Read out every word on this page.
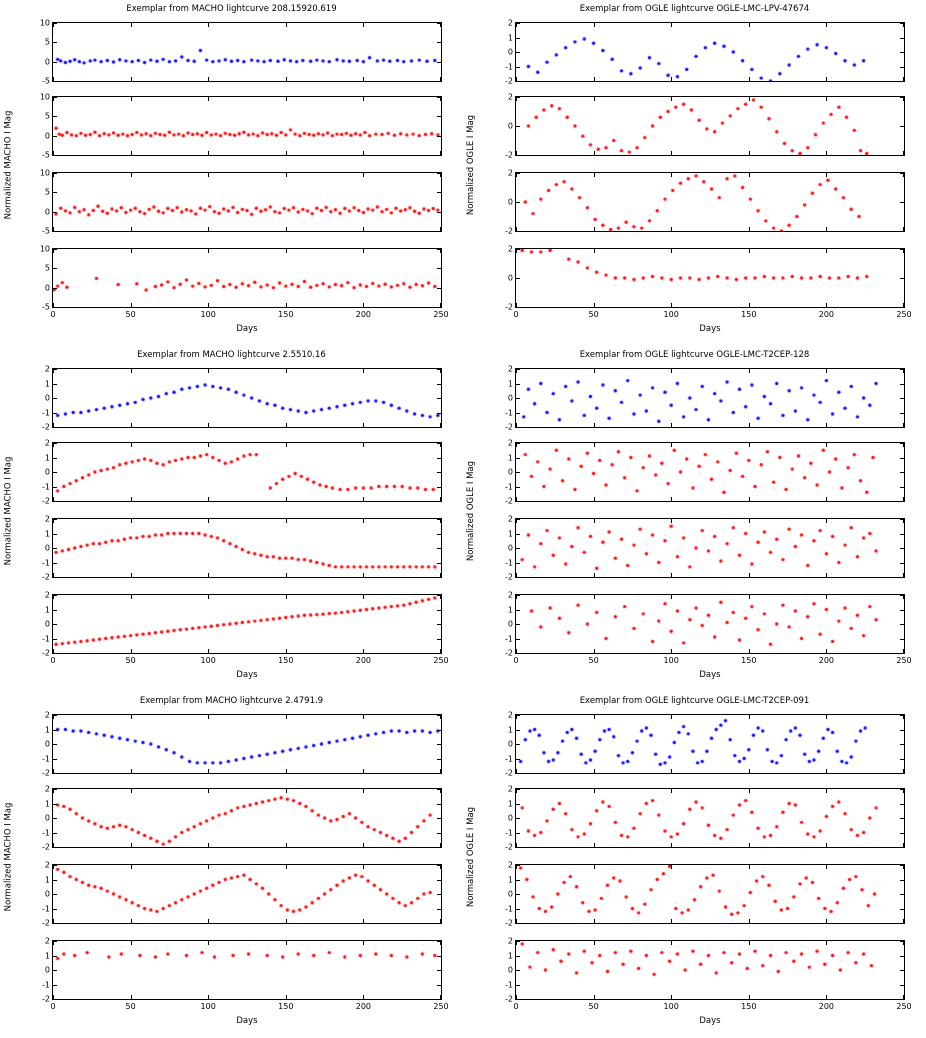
Exemplar from MACHO lightcurve 208.15920.619
Normalized MACHO I Mag
-5
0
5
10
-5
0
5
10
-5
0
5
10
-5
0
5
10
0	50	100	150	200	250
Days
Exemplar from OGLE lightcurve OGLE-LMC-LPV-47674
Normalized OGLE I Mag
-2
-1
0
1
2
-2
0
2
-2
0
2
-2
0
2
0	50	100	150	200	250
Days
Exemplar from MACHO lightcurve 2.5510.16
Normalized MACHO I Mag
-2
-1
0
1
2
-2
-1
0
1
2
-2
-1
0
1
2
-2
-1
0
1
2
0	50	100	150	200	250
Days
Exemplar from OGLE lightcurve OGLE-LMC-T2CEP-128
Normalized OGLE I Mag
-2
-1
0
1
2
-2
-1
0
1
2
-2
-1
0
1
2
-2
-1
0
1
2
0	50	100	150	200	250
Days
Exemplar from MACHO lightcurve 2.4791.9
Normalized MACHO I Mag
-2
-1
0
1
2
-2
-1
0
1
2
-2
-1
0
1
2
-2
-1
0
1
2
0	50	100	150	200	250
Days
Exemplar from OGLE lightcurve OGLE-LMC-T2CEP-091
Normalized OGLE I Mag
-2
-1
0
1
2
-2
-1
0
1
2
-2
-1
0
1
2
-2
-1
0
1
2
0	50	100	150	200	250
Days
